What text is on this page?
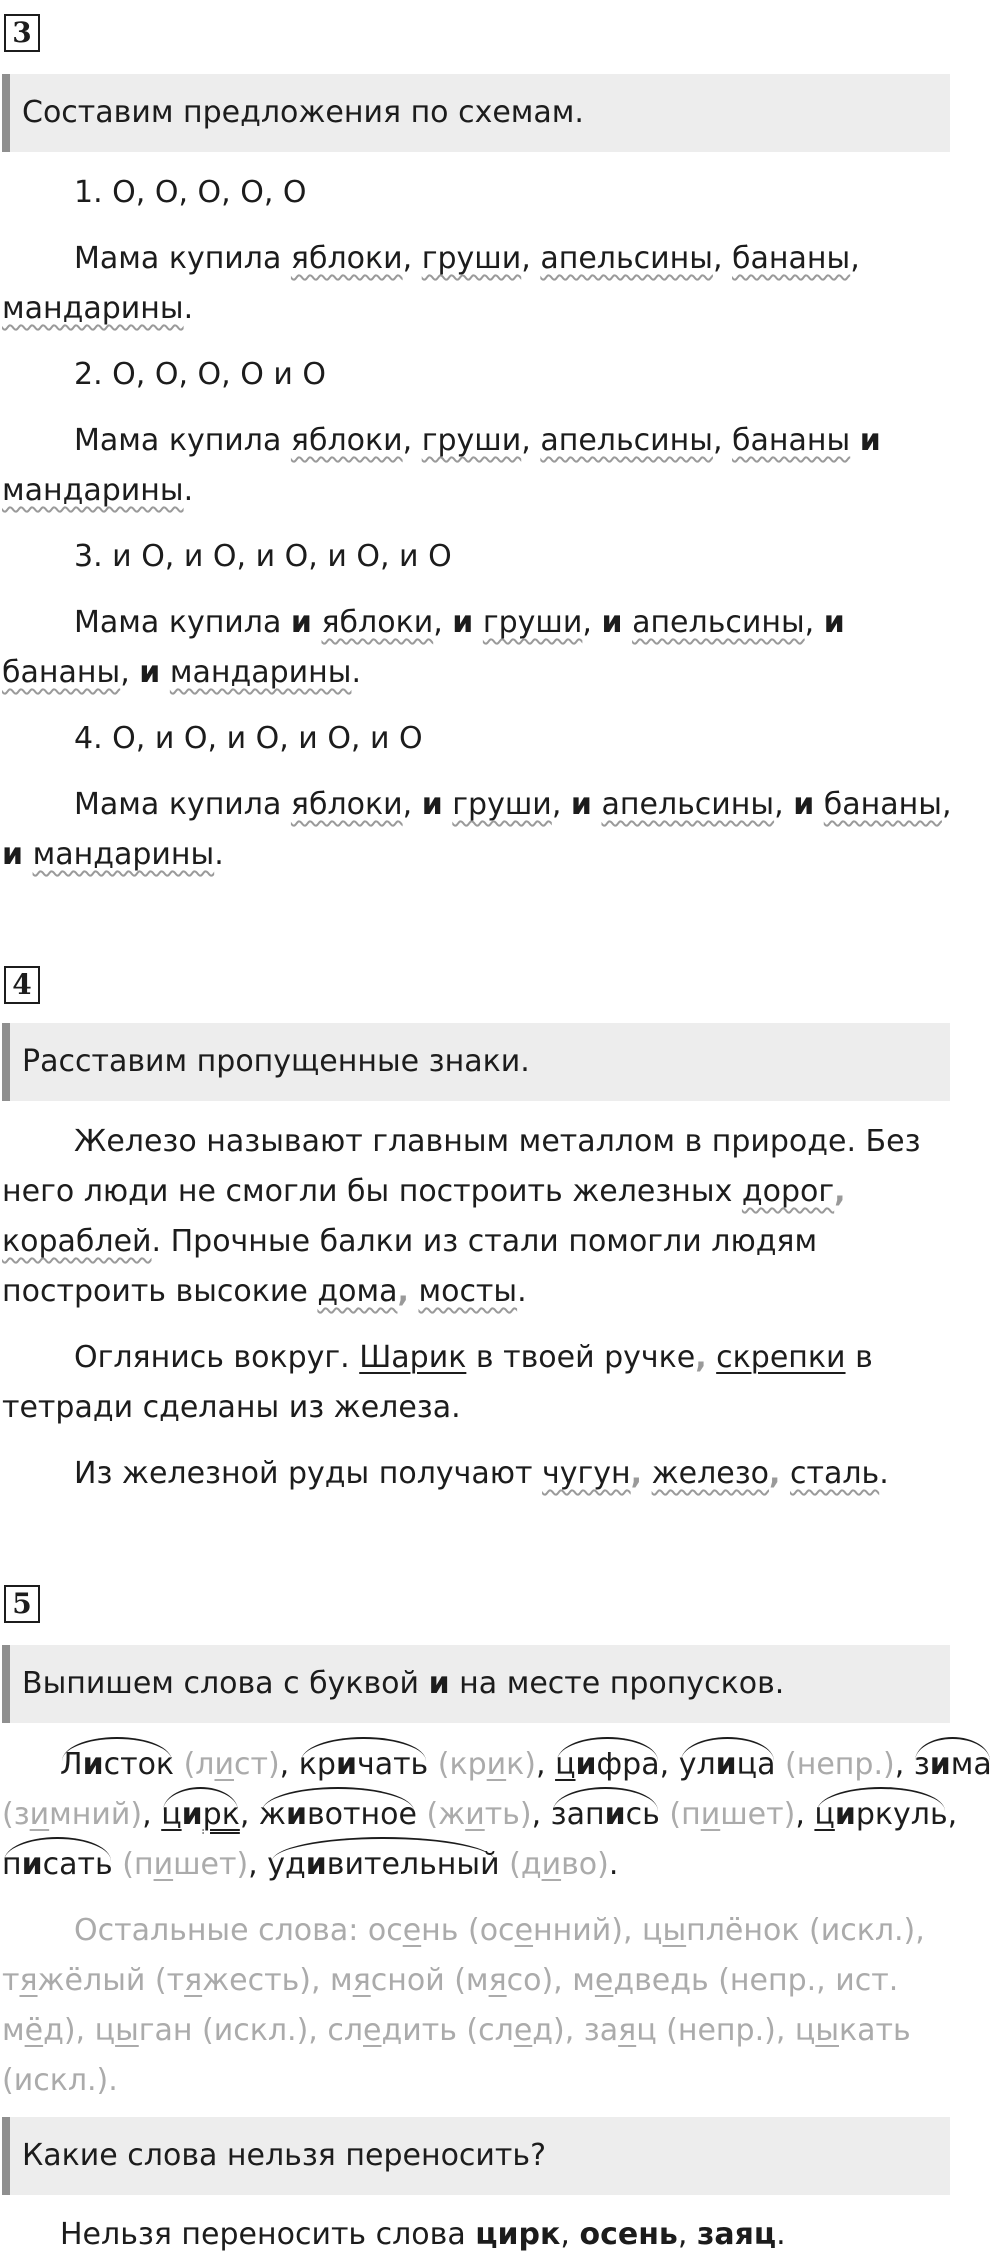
3
Составим предложения по схемам.
1. О, О, О, О, О
Мама купила яблоки, груши, апельсины, бананы,
мандарины.
2. О, О, О, О и О
Мама купила яблоки, груши, апельсины, бананы и
мандарины.
3. и О, и О, и О, и О, и О
Мама купила и яблоки, и груши, и апельсины, и
бананы, и мандарины.
4. О, и О, и О, и О, и О
Мама купила яблоки, и груши, и апельсины, и бананы,
и мандарины.
4
Расставим пропущенные знаки.
Железо называют главным металлом в природе. Без
него люди не смогли бы построить железных дорог,
кораблей. Прочные балки из стали помогли людям
построить высокие дома, мосты.
Оглянись вокруг. Шарик в твоей ручке, скрепки в
тетради сделаны из железа.
Из железной руды получают чугун, железо, сталь.
5
Выпишем слова с буквой и на месте пропусков.
Листок (лист), кричать (крик), цифра, улица (непр.), зима
(зимний), цирк, животное (жить), запись (пишет), циркуль,
писать (пишет), удивительный (диво).
Остальные слова: осень (осенний), цыплёнок (искл.),
тяжёлый (тяжесть), мясной (мясо), медведь (непр., ист.
мёд), цыган (искл.), следить (след), заяц (непр.), цыкать
(искл.).
Какие слова нельзя переносить?
Нельзя переносить слова цирк, осень, заяц.
